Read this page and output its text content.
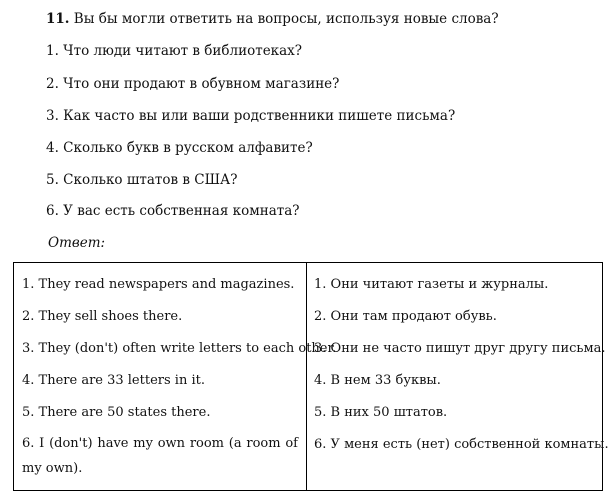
11. Вы бы могли ответить на вопросы, используя новые слова?
1. Что люди читают в библиотеках?
2. Что они продают в обувном магазине?
3. Как часто вы или ваши родственники пишете письма?
4. Сколько букв в русском алфавите?
5. Сколько штатов в США?
6. У вас есть собственная комната?
Ответ:
1. They read newspapers and magazines.
2. They sell shoes there.
3. They (don't) often write letters to each other.
4. There are 33 letters in it.
5. There are 50 states there.
6. I (don't) have my own room (a room of my own).
1. Они читают газеты и журналы.
2. Они там продают обувь.
3. Они не часто пишут друг другу письма.
4. В нем 33 буквы.
5. В них 50 штатов.
6. У меня есть (нет) собственной комнаты.
